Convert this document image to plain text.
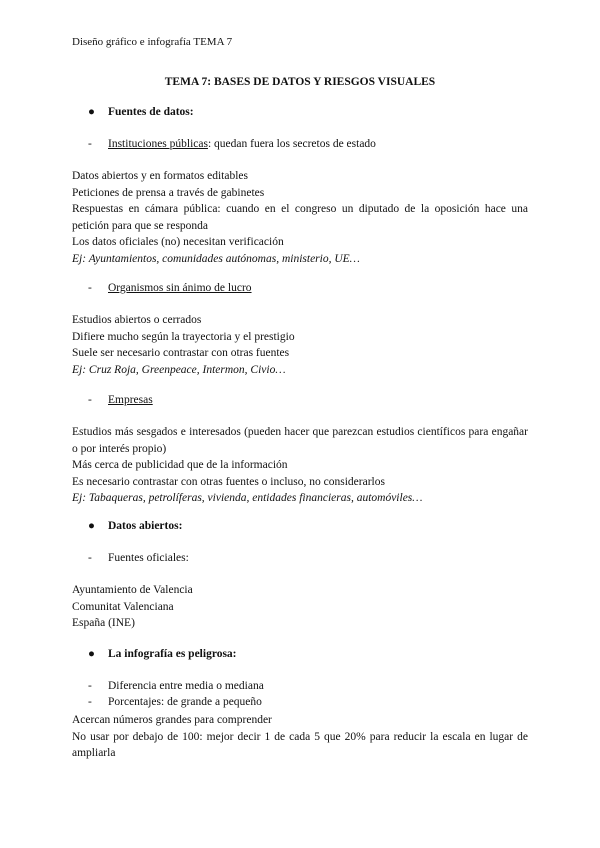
Diseño gráfico e infografía TEMA 7
TEMA 7: BASES DE DATOS Y RIESGOS VISUALES
● Fuentes de datos:
- Instituciones públicas: quedan fuera los secretos de estado
Datos abiertos y en formatos editables
Peticiones de prensa a través de gabinetes
Respuestas en cámara pública: cuando en el congreso un diputado de la oposición hace una petición para que se responda
Los datos oficiales (no) necesitan verificación
Ej: Ayuntamientos, comunidades autónomas, ministerio, UE…
- Organismos sin ánimo de lucro
Estudios abiertos o cerrados
Difiere mucho según la trayectoria y el prestigio
Suele ser necesario contrastar con otras fuentes
Ej: Cruz Roja, Greenpeace, Intermon, Civio…
- Empresas
Estudios más sesgados e interesados (pueden hacer que parezcan estudios científicos para engañar o por interés propio)
Más cerca de publicidad que de la información
Es necesario contrastar con otras fuentes o incluso, no considerarlos
Ej: Tabaqueras, petrolíferas, vivienda, entidades financieras, automóviles…
● Datos abiertos:
- Fuentes oficiales:
Ayuntamiento de Valencia
Comunitat Valenciana
España (INE)
● La infografía es peligrosa:
- Diferencia entre media o mediana
- Porcentajes: de grande a pequeño
Acercan números grandes para comprender
No usar por debajo de 100: mejor decir 1 de cada 5 que 20% para reducir la escala en lugar de ampliarla
